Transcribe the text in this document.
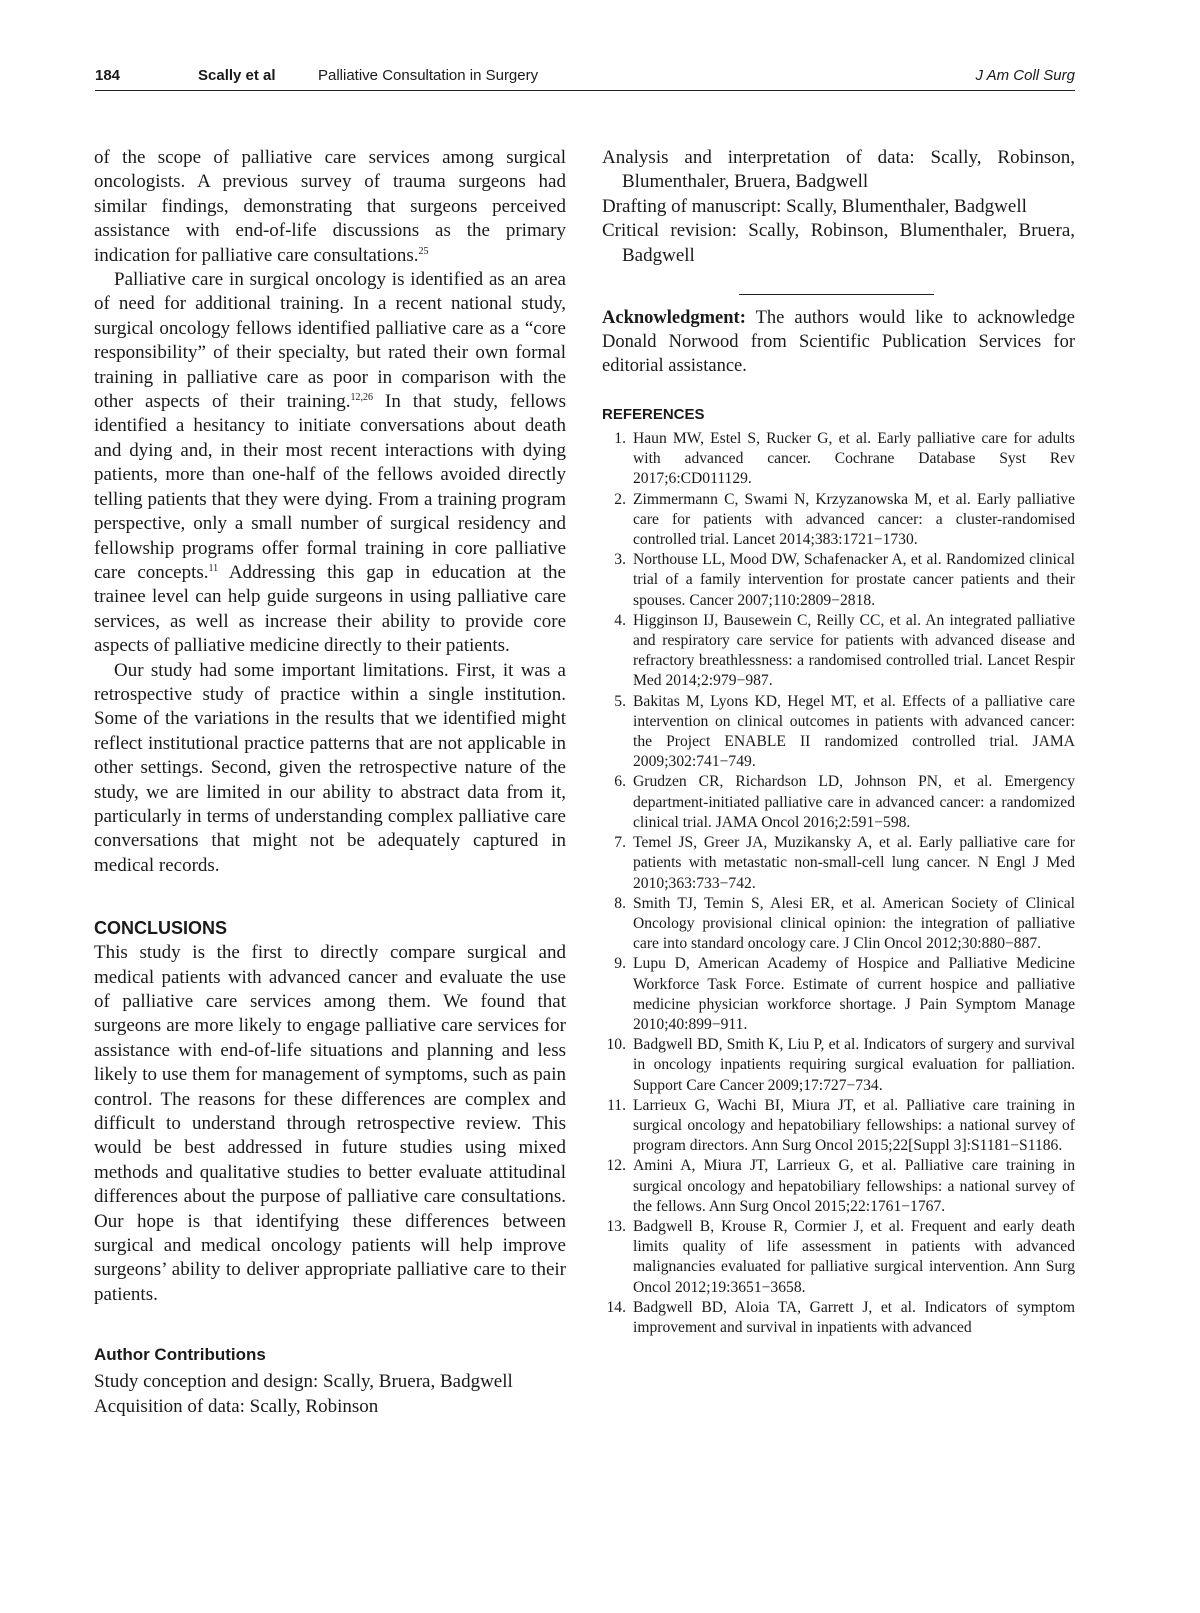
184	Scally et al	Palliative Consultation in Surgery	J Am Coll Surg

of the scope of palliative care services among surgical oncologists. A previous survey of trauma surgeons had similar findings, demonstrating that surgeons perceived assistance with end-of-life discussions as the primary indication for palliative care consultations.$^{25}$

Palliative care in surgical oncology is identified as an area of need for additional training. In a recent national study, surgical oncology fellows identified palliative care as a “core responsibility” of their specialty, but rated their own formal training in palliative care as poor in comparison with the other aspects of their training.$^{12,26}$ In that study, fellows identified a hesitancy to initiate conversations about death and dying and, in their most recent interactions with dying patients, more than one-half of the fellows avoided directly telling patients that they were dying. From a training program perspective, only a small number of surgical residency and fellowship programs offer formal training in core palliative care concepts.$^{11}$ Addressing this gap in education at the trainee level can help guide surgeons in using palliative care services, as well as increase their ability to provide core aspects of palliative medicine directly to their patients.

Our study had some important limitations. First, it was a retrospective study of practice within a single institution. Some of the variations in the results that we identified might reflect institutional practice patterns that are not applicable in other settings. Second, given the retrospective nature of the study, we are limited in our ability to abstract data from it, particularly in terms of understanding complex palliative care conversations that might not be adequately captured in medical records.

CONCLUSIONS

This study is the first to directly compare surgical and medical patients with advanced cancer and evaluate the use of palliative care services among them. We found that surgeons are more likely to engage palliative care services for assistance with end-of-life situations and planning and less likely to use them for management of symptoms, such as pain control. The reasons for these differences are complex and difficult to understand through retrospective review. This would be best addressed in future studies using mixed methods and qualitative studies to better evaluate attitudinal differences about the purpose of palliative care consultations. Our hope is that identifying these differences between surgical and medical oncology patients will help improve surgeons’ ability to deliver appropriate palliative care to their patients.

Author Contributions
Study conception and design: Scally, Bruera, Badgwell
Acquisition of data: Scally, Robinson
Analysis and interpretation of data: Scally, Robinson, Blumenthaler, Bruera, Badgwell
Drafting of manuscript: Scally, Blumenthaler, Badgwell
Critical revision: Scally, Robinson, Blumenthaler, Bruera, Badgwell
Acknowledgment: The authors would like to acknowledge Donald Norwood from Scientific Publication Services for editorial assistance.
REFERENCES
1. Haun MW, Estel S, Rucker G, et al. Early palliative care for adults with advanced cancer. Cochrane Database Syst Rev 2017;6:CD011129.
2. Zimmermann C, Swami N, Krzyzanowska M, et al. Early palliative care for patients with advanced cancer: a cluster-randomised controlled trial. Lancet 2014;383:1721−1730.
3. Northouse LL, Mood DW, Schafenacker A, et al. Randomized clinical trial of a family intervention for prostate cancer patients and their spouses. Cancer 2007;110:2809−2818.
4. Higginson IJ, Bausewein C, Reilly CC, et al. An integrated palliative and respiratory care service for patients with advanced disease and refractory breathlessness: a randomised controlled trial. Lancet Respir Med 2014;2:979−987.
5. Bakitas M, Lyons KD, Hegel MT, et al. Effects of a palliative care intervention on clinical outcomes in patients with advanced cancer: the Project ENABLE II randomized controlled trial. JAMA 2009;302:741−749.
6. Grudzen CR, Richardson LD, Johnson PN, et al. Emergency department-initiated palliative care in advanced cancer: a randomized clinical trial. JAMA Oncol 2016;2:591−598.
7. Temel JS, Greer JA, Muzikansky A, et al. Early palliative care for patients with metastatic non-small-cell lung cancer. N Engl J Med 2010;363:733−742.
8. Smith TJ, Temin S, Alesi ER, et al. American Society of Clinical Oncology provisional clinical opinion: the integration of palliative care into standard oncology care. J Clin Oncol 2012;30:880−887.
9. Lupu D, American Academy of Hospice and Palliative Medicine Workforce Task Force. Estimate of current hospice and palliative medicine physician workforce shortage. J Pain Symptom Manage 2010;40:899−911.
10. Badgwell BD, Smith K, Liu P, et al. Indicators of surgery and survival in oncology inpatients requiring surgical evaluation for palliation. Support Care Cancer 2009;17:727−734.
11. Larrieux G, Wachi BI, Miura JT, et al. Palliative care training in surgical oncology and hepatobiliary fellowships: a national survey of program directors. Ann Surg Oncol 2015;22[Suppl 3]:S1181−S1186.
12. Amini A, Miura JT, Larrieux G, et al. Palliative care training in surgical oncology and hepatobiliary fellowships: a national survey of the fellows. Ann Surg Oncol 2015;22:1761−1767.
13. Badgwell B, Krouse R, Cormier J, et al. Frequent and early death limits quality of life assessment in patients with advanced malignancies evaluated for palliative surgical intervention. Ann Surg Oncol 2012;19:3651−3658.
14. Badgwell BD, Aloia TA, Garrett J, et al. Indicators of symptom improvement and survival in inpatients with advanced
